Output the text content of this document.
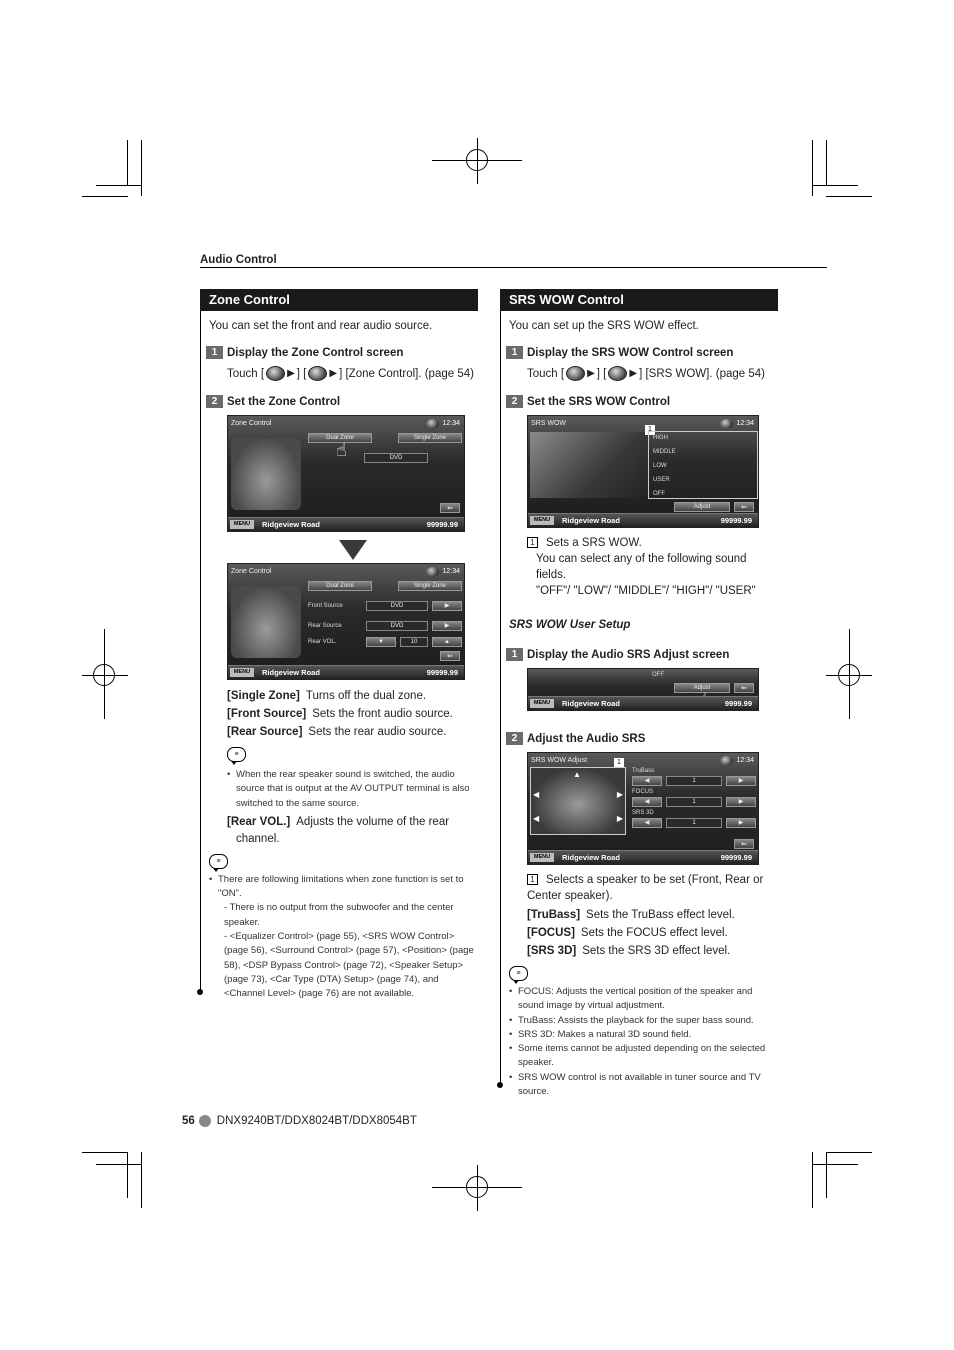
Audio Control
Zone Control
You can set the front and rear audio source.
1 Display the Zone Control screen
Touch [ ▶ ] [ ▶ ] [Zone Control]. (page 54)
2 Set the Zone Control
Zone Control	12:34
Dual Zone	Single Zone
DVD
☝
⇐
MENU	Ridgeview Road	99999.99
Zone Control	12:34
Dual Zone	Single Zone
Front Source	DVD	▶
Rear Source	DVD	▶
Rear VOL.	▼	10	▲
⇐
MENU	Ridgeview Road	99999.99
[Single Zone] Turns off the dual zone.
[Front Source] Sets the front audio source.
[Rear Source] Sets the rear audio source.
≡
• When the rear speaker sound is switched, the audio source that is output at the AV OUTPUT terminal is also switched to the same source.
[Rear VOL.] Adjusts the volume of the rear channel.
≡
• There are following limitations when zone function is set to "ON".
- There is no output from the subwoofer and the center speaker.
- <Equalizer Control> (page 55), <SRS WOW Control> (page 56), <Surround Control> (page 57), <Position> (page 58), <DSP Bypass Control> (page 72), <Speaker Setup> (page 73), <Car Type (DTA) Setup> (page 74), and <Channel Level> (page 76) are not available.
SRS WOW Control
You can set up the SRS WOW effect.
1 Display the SRS WOW Control screen
Touch [ ▶ ] [ ▶ ] [SRS WOW]. (page 54)
2 Set the SRS WOW Control
SRS WOW	12:34
1
HIGH
MIDDLE
LOW
USER
OFF
Adjust	⇐
MENU	Ridgeview Road	99999.99
1 Sets a SRS WOW.
You can select any of the following sound fields.
"OFF"/ "LOW"/ "MIDDLE"/ "HIGH"/ "USER"
SRS WOW User Setup
1 Display the Audio SRS Adjust screen
OFF
Adjust	⇐
MENU	Ridgeview Road	9999.99
2 Adjust the Audio SRS
SRS WOW Adjust	1	12:34
▲
◀	▶
◀	▶
TruBass
◀	1	▶
FOCUS
◀	1	▶
SRS 3D
◀	1	▶
⇐
MENU	Ridgeview Road	99999.99
1 Selects a speaker to be set (Front, Rear or Center speaker).
[TruBass] Sets the TruBass effect level.
[FOCUS] Sets the FOCUS effect level.
[SRS 3D] Sets the SRS 3D effect level.
≡
• FOCUS: Adjusts the vertical position of the speaker and sound image by virtual adjustment.
• TruBass: Assists the playback for the super bass sound.
• SRS 3D: Makes a natural 3D sound field.
• Some items cannot be adjusted depending on the selected speaker.
• SRS WOW control is not available in tuner source and TV source.
56 DNX9240BT/DDX8024BT/DDX8054BT
